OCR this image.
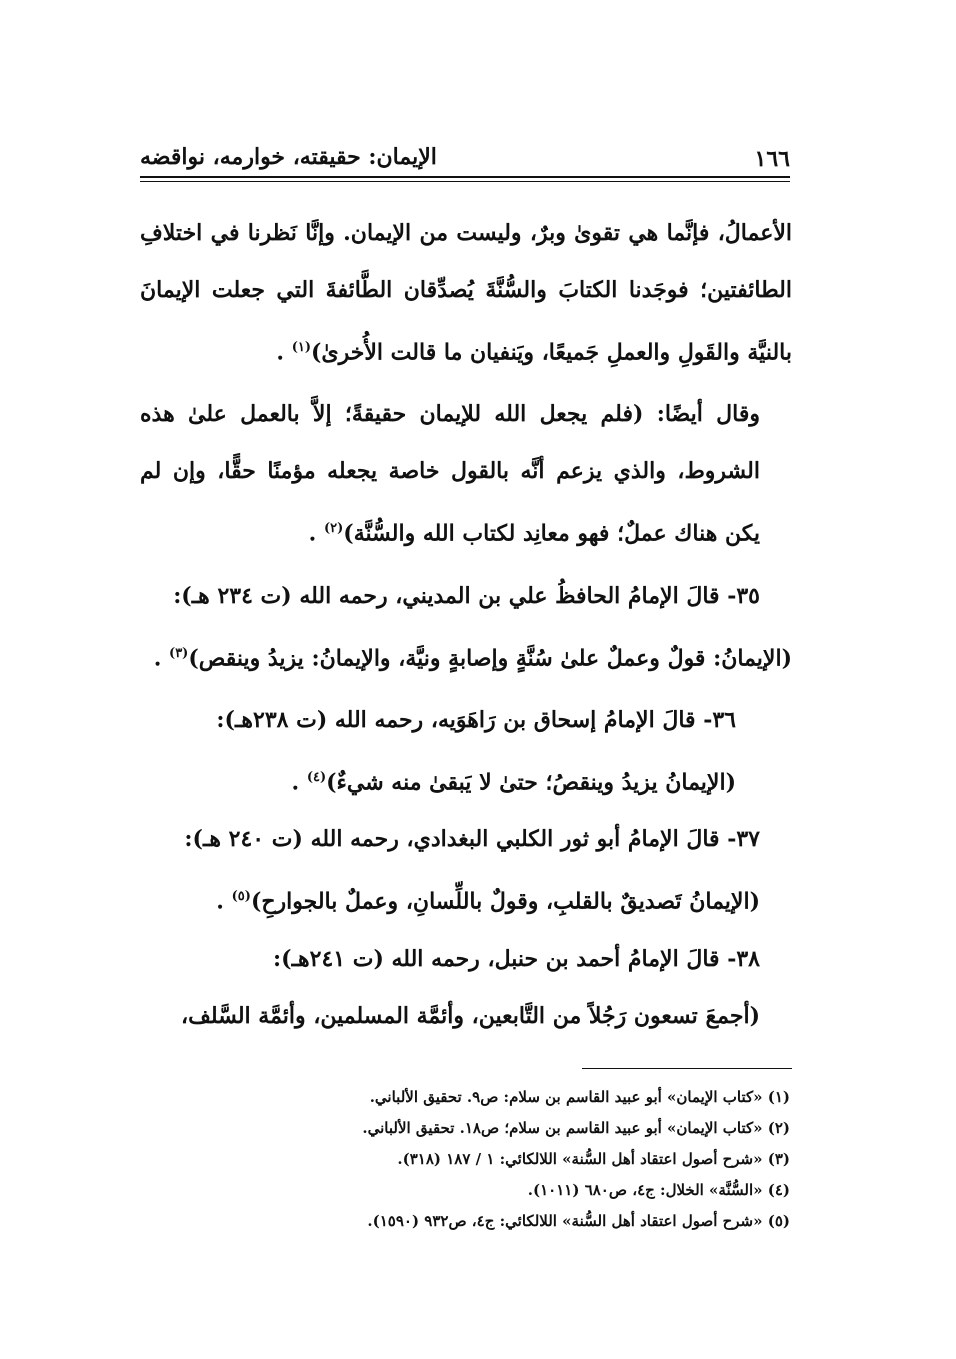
١٦٦
الإيمان: حقيقته، خوارمه، نواقضه

الأعمالُ، فإنَّما هي تقوىٰ وبرٌ، وليست من الإيمان. وإنَّا نَظرنا في اختلافِ الطائفتين؛ فوجَدنا الكتابَ والسُّنَّةَ يُصدِّقان الطَّائفةَ التي جعلت الإيمانَ بالنيَّة والقَولِ والعملِ جَميعًا، ويَنفيان ما قالت الأُخرىٰ)$^{(١)}$ .

وقال أيضًا: (فلم يجعل الله للإيمان حقيقةً؛ إلاَّ بالعمل علىٰ هذه الشروط، والذي يزعم أنَّه بالقول خاصة يجعله مؤمنًا حقًّا، وإن لم يكن هناك عملٌ؛ فهو معانِد لكتاب الله والسُّنَّة)$^{(٢)}$ .

٣٥- قالَ الإمامُ الحافظُ علي بن المديني، رحمه الله (ت ٢٣٤ هـ):

(الإيمانُ: قولٌ وعملٌ علىٰ سُنَّةٍ وإصابةٍ ونيَّة، والإيمانُ: يزيدُ وينقص)$^{(٣)}$ .

٣٦- قالَ الإمامُ إسحاق بن رَاهَوَيه، رحمه الله (ت ٢٣٨هـ):

(الإيمانُ يزيدُ وينقصُ؛ حتىٰ لا يَبقىٰ منه شيءٌ)$^{(٤)}$ .

٣٧- قالَ الإمامُ أبو ثور الكلبي البغدادي، رحمه الله (ت ٢٤٠ هـ):

(الإيمانُ تَصديقٌ بالقلبِ، وقولٌ باللِّسانِ، وعملٌ بالجوارحِ)$^{(٥)}$ .

٣٨- قالَ الإمامُ أحمد بن حنبل، رحمه الله (ت ٢٤١هـ):

(أجمعَ تسعون رَجُلاً من التَّابعين، وأئمَّة المسلمين، وأئمَّة السَّلف،

(١) «كتاب الإيمان» أبو عبيد القاسم بن سلام: ص٩. تحقيق الألباني.

(٢) «كتاب الإيمان» أبو عبيد القاسم بن سلام؛ ص١٨. تحقيق الألباني.

(٣) «شرح أصول اعتقاد أهل السُّنة» اللالكائي: ١ / ١٨٧ (٣١٨).

(٤) «السُّنَّة» الخلال: ج٤، ص٦٨٠ (١٠١١).

(٥) «شرح أصول اعتقاد أهل السُّنة» اللالكائي: ج٤، ص٩٣٢ (١٥٩٠).
